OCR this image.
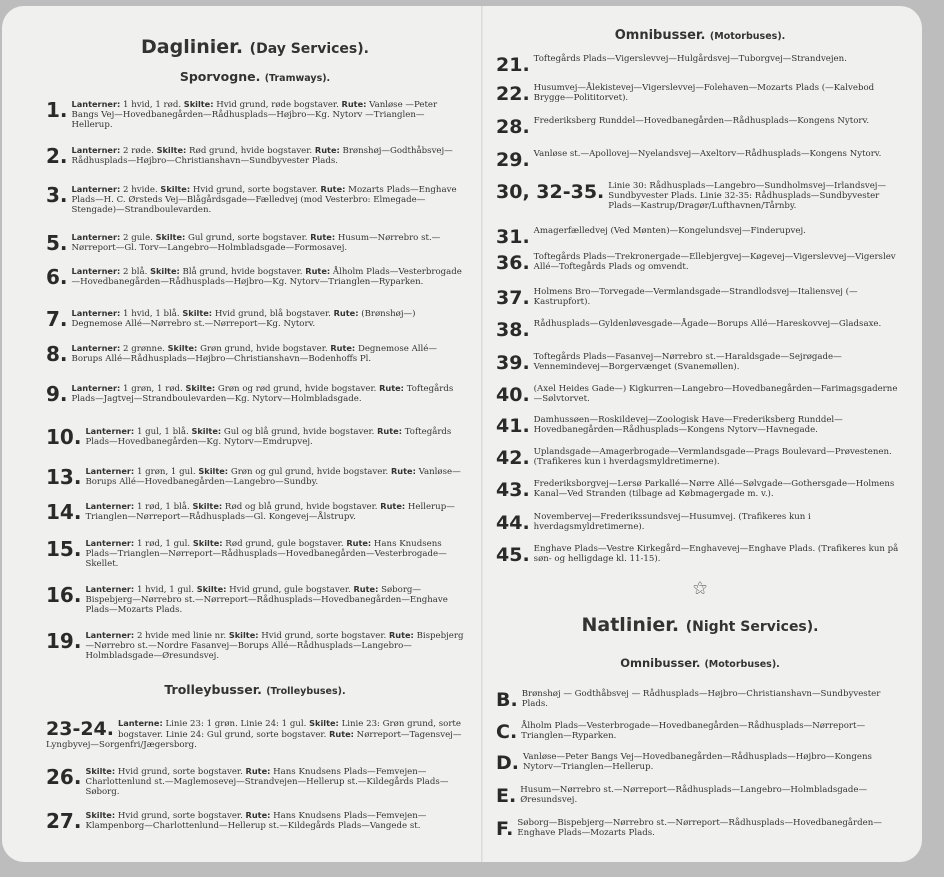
Daglinier. (Day Services).
Sporvogne. (Tramways).
1. Lanterner: 1 hvid, 1 rød. Skilte: Hvid grund, røde bogstaver. Rute: Vanløse —Peter Bangs Vej—Hovedbanegården—Rådhusplads—Højbro—Kg. Nytorv —Trianglen—Hellerup.
2. Lanterner: 2 røde. Skilte: Rød grund, hvide bogstaver. Rute: Brønshøj—Godthåbsvej—Rådhusplads—Højbro—Christianshavn—Sundbyvester Plads.
3. Lanterner: 2 hvide. Skilte: Hvid grund, sorte bogstaver. Rute: Mozarts Plads—Enghave Plads—H. C. Ørsteds Vej—Blågårdsgade—Fælledvej (mod Vesterbro: Elmegade—Stengade)—Strandboulevarden.
5. Lanterner: 2 gule. Skilte: Gul grund, sorte bogstaver. Rute: Husum—Nørrebro st.—Nørreport—Gl. Torv—Langebro—Holmbladsgade—Formosavej.
6. Lanterner: 2 blå. Skilte: Blå grund, hvide bogstaver. Rute: Ålholm Plads—Vesterbrogade—Hovedbanegården—Rådhusplads—Højbro—Kg. Nytorv—Trianglen—Ryparken.
7. Lanterner: 1 hvid, 1 blå. Skilte: Hvid grund, blå bogstaver. Rute: (Brønshøj—) Degnemose Allé—Nørrebro st.—Nørreport—Kg. Nytorv.
8. Lanterner: 2 grønne. Skilte: Grøn grund, hvide bogstaver. Rute: Degnemose Allé—Borups Allé—Rådhusplads—Højbro—Christianshavn—Bodenhoffs Pl.
9. Lanterner: 1 grøn, 1 rød. Skilte: Grøn og rød grund, hvide bogstaver. Rute: Toftegårds Plads—Jagtvej—Strandboulevarden—Kg. Nytorv—Holmbladsgade.
10. Lanterner: 1 gul, 1 blå. Skilte: Gul og blå grund, hvide bogstaver. Rute: Toftegårds Plads—Hovedbanegården—Kg. Nytorv—Emdrupvej.
13. Lanterner: 1 grøn, 1 gul. Skilte: Grøn og gul grund, hvide bogstaver. Rute: Vanløse—Borups Allé—Hovedbanegården—Langebro—Sundby.
14. Lanterner: 1 rød, 1 blå. Skilte: Rød og blå grund, hvide bogstaver. Rute: Hellerup—Trianglen—Nørreport—Rådhusplads—Gl. Kongevej—Ålstrupv.
15. Lanterner: 1 rød, 1 gul. Skilte: Rød grund, gule bogstaver. Rute: Hans Knudsens Plads—Trianglen—Nørreport—Rådhusplads—Hovedbanegården—Vesterbrogade—Skellet.
16. Lanterner: 1 hvid, 1 gul. Skilte: Hvid grund, gule bogstaver. Rute: Søborg—Bispebjerg—Nørrebro st.—Nørreport—Rådhusplads—Hovedbanegården—Enghave Plads—Mozarts Plads.
19. Lanterner: 2 hvide med linie nr. Skilte: Hvid grund, sorte bogstaver. Rute: Bispebjerg—Nørrebro st.—Nordre Fasanvej—Borups Allé—Rådhusplads—Langebro—Holmbladsgade—Øresundsvej.
Trolleybusser. (Trolleybuses).
23-24. Lanterne: Linie 23: 1 grøn. Linie 24: 1 gul. Skilte: Linie 23: Grøn grund, sorte bogstaver. Linie 24: Gul grund, sorte bogstaver. Rute: Nørreport—Tagensvej—Lyngbyvej—Sorgenfri/Jægersborg.
26. Skilte: Hvid grund, sorte bogstaver. Rute: Hans Knudsens Plads—Femvejen—Charlottenlund st.—Maglemosevej—Strandvejen—Hellerup st.—Kildegårds Plads—Søborg.
27. Skilte: Hvid grund, sorte bogstaver. Rute: Hans Knudsens Plads—Femvejen—Klampenborg—Charlottenlund—Hellerup st.—Kildegårds Plads—Vangede st.
Omnibusser. (Motorbuses).
21. Toftegårds Plads—Vigerslevvej—Hulgårdsvej—Tuborgvej—Strandvejen.
22. Husumvej—Ålekistevej—Vigerslevvej—Folehaven—Mozarts Plads (—Kalvebod Brygge—Polititorvet).
28. Frederiksberg Runddel—Hovedbanegården—Rådhusplads—Kongens Nytorv.
29. Vanløse st.—Apollovej—Nyelandsvej—Axeltorv—Rådhusplads—Kongens Nytorv.
30, 32-35. Linie 30: Rådhusplads—Langebro—Sundholmsvej—Irlandsvej—Sundbyvester Plads. Linie 32-35: Rådhusplads—Sundbyvester Plads—Kastrup/Dragør/Lufthavnen/Tårnby.
31. Amagerfælledvej (Ved Mønten)—Kongelundsvej—Finderupvej.
36. Toftegårds Plads—Trekronergade—Ellebjergvej—Køgevej—Vigerslevvej—Vigerslev Allé—Toftegårds Plads og omvendt.
37. Holmens Bro—Torvegade—Vermlandsgade—Strandlodsvej—Italiensvej (—Kastrupfort).
38. Rådhusplads—Gyldenløvesgade—Ågade—Borups Allé—Hareskovvej—Gladsaxe.
39. Toftegårds Plads—Fasanvej—Nørrebro st.—Haraldsgade—Sejrøgade—Vennemindevej—Borgervænget (Svanemøllen).
40. (Axel Heides Gade—) Kigkurren—Langebro—Hovedbanegården—Farimagsgaderne—Sølvtorvet.
41. Damhussøen—Roskildevej—Zoologisk Have—Frederiksberg Runddel—Hovedbanegården—Rådhusplads—Kongens Nytorv—Havnegade.
42. Uplandsgade—Amagerbrogade—Vermlandsgade—Prags Boulevard—Prøvestenen. (Trafikeres kun i hverdagsmyldretimerne).
43. Frederiksborgvej—Lersø Parkallé—Nørre Allé—Sølvgade—Gothersgade—Holmens Kanal—Ved Stranden (tilbage ad Købmagergade m. v.).
44. Novembervej—Frederikssundsvej—Husumvej. (Trafikeres kun i hverdagsmyldretimerne).
45. Enghave Plads—Vestre Kirkegård—Enghavevej—Enghave Plads. (Trafikeres kun på søn- og helligdage kl. 11-15).
⚝
Natlinier. (Night Services).
Omnibusser. (Motorbuses).
B. Brønshøj — Godthåbsvej — Rådhusplads—Højbro—Christianshavn—Sundbyvester Plads.
C. Ålholm Plads—Vesterbrogade—Hovedbanegården—Rådhusplads—Nørreport—Trianglen—Ryparken.
D. Vanløse—Peter Bangs Vej—Hovedbanegården—Rådhusplads—Højbro—Kongens Nytorv—Trianglen—Hellerup.
E. Husum—Nørrebro st.—Nørreport—Rådhusplads—Langebro—Holmbladsgade—Øresundsvej.
F. Søborg—Bispebjerg—Nørrebro st.—Nørreport—Rådhusplads—Hovedbanegården—Enghave Plads—Mozarts Plads.
